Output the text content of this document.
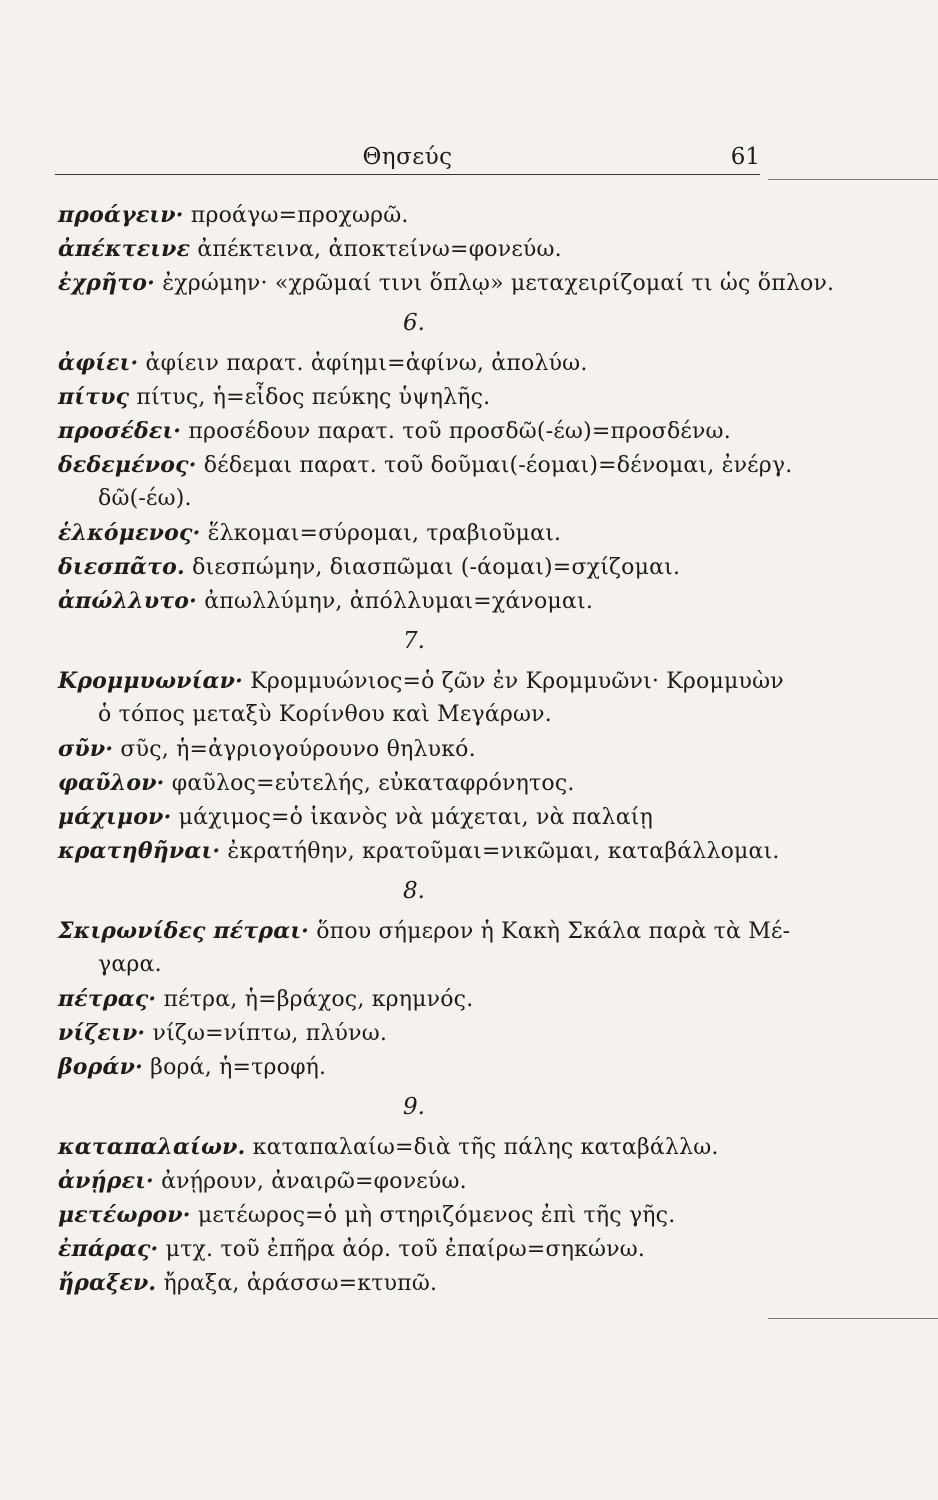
Θησεύς	61
προάγειν· προάγω=προχωρῶ.
ἀπέκτεινε ἀπέκτεινα, ἀποκτείνω=φονεύω.
ἐχρῆτο· ἐχρώμην· «χρῶμαί τινι ὅπλῳ» μεταχειρίζομαί τι ὡς ὅπλον.
6.
ἀφίει· ἀφίειν παρατ. ἀφίημι=ἀφίνω, ἀπολύω.
πίτυς πίτυς, ἡ=εἶδος πεύκης ὑψηλῆς.
προσέδει· προσέδουν παρατ. τοῦ προσδῶ(-έω)=προσδένω.
δεδεμένος· δέδεμαι παρατ. τοῦ δοῦμαι(-έομαι)=δένομαι, ἐνέργ.
δῶ(-έω).
ἑλκόμενος· ἕλκομαι=σύρομαι, τραβιοῦμαι.
διεσπᾶτο. διεσπώμην, διασπῶμαι (-άομαι)=σχίζομαι.
ἀπώλλυτο· ἀπωλλύμην, ἀπόλλυμαι=χάνομαι.
7.
Κρομμυωνίαν· Κρομμυώνιος=ὁ ζῶν ἐν Κρομμυῶνι· Κρομμυὼν
ὁ τόπος μεταξὺ Κορίνθου καὶ Μεγάρων.
σῦν· σῦς, ἡ=ἀγριογούρουνο θηλυκό.
φαῦλον· φαῦλος=εὐτελής, εὐκαταφρόνητος.
μάχιμον· μάχιμος=ὁ ἱκανὸς νὰ μάχεται, νὰ παλαίῃ
κρατηθῆναι· ἐκρατήθην, κρατοῦμαι=νικῶμαι, καταβάλλομαι.
8.
Σκιρωνίδες πέτραι· ὅπου σήμερον ἡ Κακὴ Σκάλα παρὰ τὰ Μέ-
γαρα.
πέτρας· πέτρα, ἡ=βράχος, κρημνός.
νίζειν· νίζω=νίπτω, πλύνω.
βοράν· βορά, ἡ=τροφή.
9.
καταπαλαίων. καταπαλαίω=διὰ τῆς πάλης καταβάλλω.
ἀνῄρει· ἀνῄρουν, ἀναιρῶ=φονεύω.
μετέωρον· μετέωρος=ὁ μὴ στηριζόμενος ἐπὶ τῆς γῆς.
ἐπάρας· μτχ. τοῦ ἐπῆρα ἀόρ. τοῦ ἐπαίρω=σηκώνω.
ἤραξεν. ἤραξα, ἀράσσω=κτυπῶ.
